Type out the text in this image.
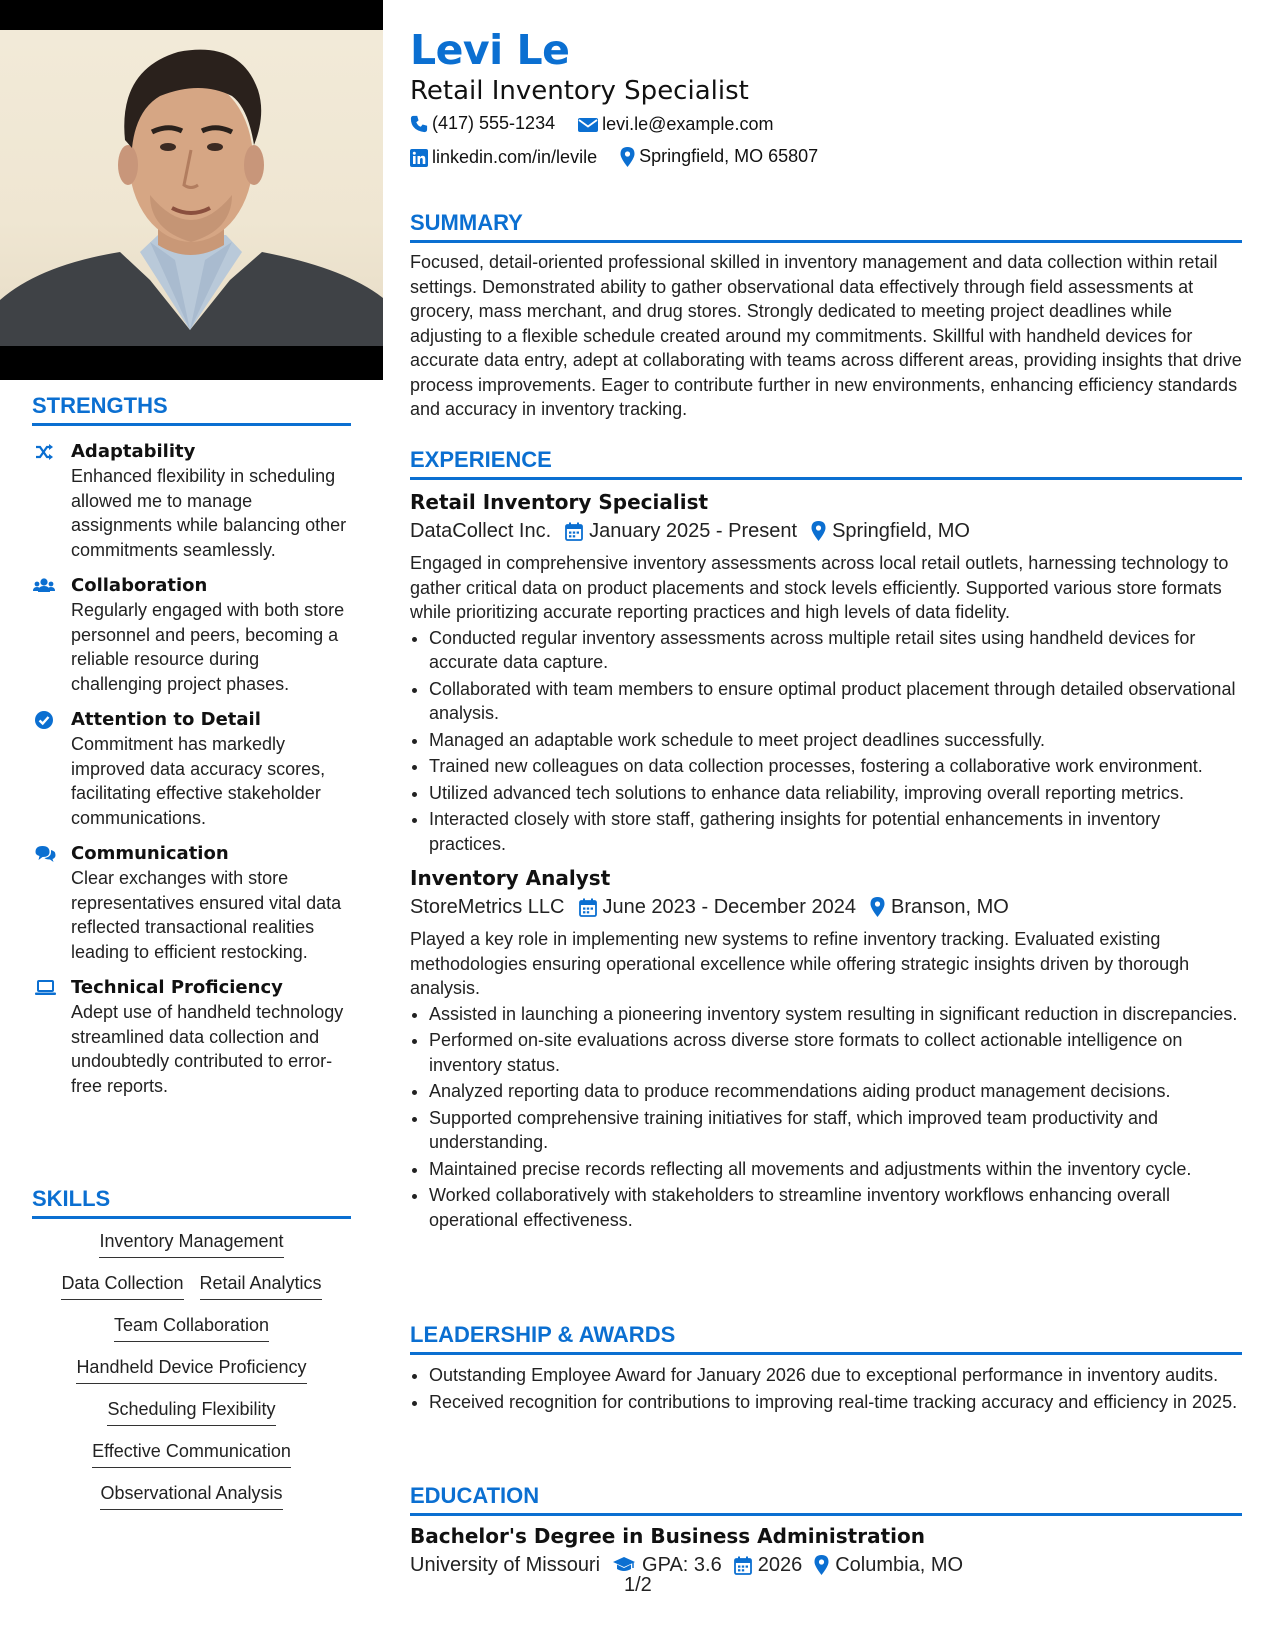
STRENGTHS
Adaptability
Enhanced flexibility in scheduling allowed me to manage assignments while balancing other commitments seamlessly.
Collaboration
Regularly engaged with both store personnel and peers, becoming a reliable resource during challenging project phases.
Attention to Detail
Commitment has markedly improved data accuracy scores, facilitating effective stakeholder communications.
Communication
Clear exchanges with store representatives ensured vital data reflected transactional realities leading to efficient restocking.
Technical Proficiency
Adept use of handheld technology streamlined data collection and undoubtedly contributed to error-free reports.
SKILLS
Inventory Management
Data Collection Retail Analytics
Team Collaboration
Handheld Device Proficiency
Scheduling Flexibility
Effective Communication
Observational Analysis
Levi Le
Retail Inventory Specialist
(417) 555-1234
	levi.le@example.com
linkedin.com/in/levile
Springfield, MO 65807
SUMMARY
Focused, detail-oriented professional skilled in inventory management and data collection within retail settings. Demonstrated ability to gather observational data effectively through field assessments at grocery, mass merchant, and drug stores. Strongly dedicated to meeting project deadlines while adjusting to a flexible schedule created around my commitments. Skillful with handheld devices for accurate data entry, adept at collaborating with teams across different areas, providing insights that drive process improvements. Eager to contribute further in new environments, enhancing efficiency standards and accuracy in inventory tracking.
EXPERIENCE
Retail Inventory Specialist
DataCollect Inc. January 2025 - Present Springfield, MO
Engaged in comprehensive inventory assessments across local retail outlets, harnessing technology to gather critical data on product placements and stock levels efficiently. Supported various store formats while prioritizing accurate reporting practices and high levels of data fidelity.
• Conducted regular inventory assessments across multiple retail sites using handheld devices for accurate data capture.
• Collaborated with team members to ensure optimal product placement through detailed observational analysis.
• Managed an adaptable work schedule to meet project deadlines successfully.
• Trained new colleagues on data collection processes, fostering a collaborative work environment.
• Utilized advanced tech solutions to enhance data reliability, improving overall reporting metrics.
• Interacted closely with store staff, gathering insights for potential enhancements in inventory practices.
Inventory Analyst
StoreMetrics LLC June 2023 - December 2024 Branson, MO
Played a key role in implementing new systems to refine inventory tracking. Evaluated existing methodologies ensuring operational excellence while offering strategic insights driven by thorough analysis.
• Assisted in launching a pioneering inventory system resulting in significant reduction in discrepancies.
• Performed on-site evaluations across diverse store formats to collect actionable intelligence on inventory status.
• Analyzed reporting data to produce recommendations aiding product management decisions.
• Supported comprehensive training initiatives for staff, which improved team productivity and understanding.
• Maintained precise records reflecting all movements and adjustments within the inventory cycle.
• Worked collaboratively with stakeholders to streamline inventory workflows enhancing overall operational effectiveness.
LEADERSHIP & AWARDS
• Outstanding Employee Award for January 2026 due to exceptional performance in inventory audits.
• Received recognition for contributions to improving real-time tracking accuracy and efficiency in 2025.
EDUCATION
Bachelor's Degree in Business Administration
University of Missouri GPA: 3.6 2026 Columbia, MO
1/2
